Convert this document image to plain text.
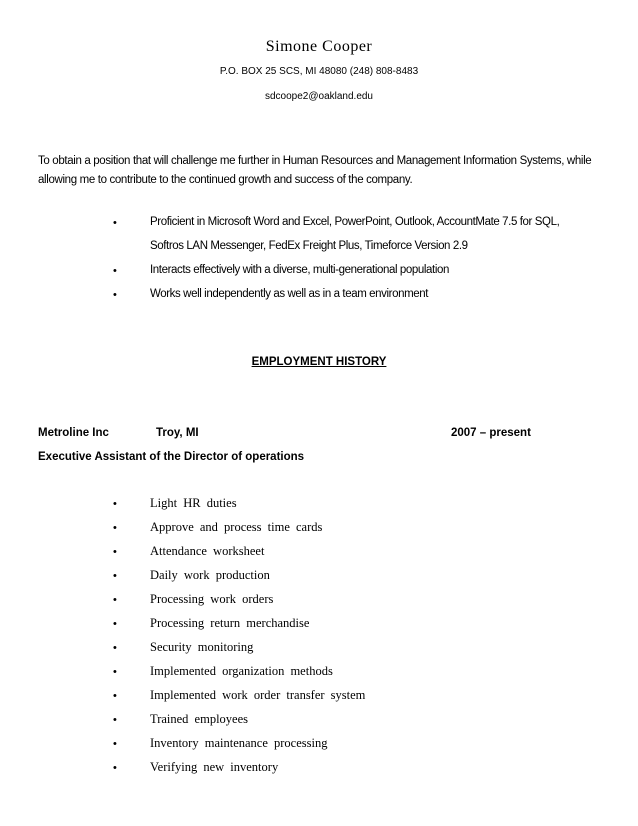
Simone Cooper
P.O. BOX 25 SCS, MI 48080 (248) 808-8483
sdcoope2@oakland.edu
To obtain a position that will challenge me further in Human Resources and Management Information Systems, while allowing me to contribute to the continued growth and success of the company.
•	Proficient in Microsoft Word and Excel, PowerPoint, Outlook, AccountMate 7.5 for SQL,
Softros LAN Messenger, FedEx Freight Plus, Timeforce Version 2.9
•	Interacts effectively with a diverse, multi-generational population
•	Works well independently as well as in a team environment
EMPLOYMENT HISTORY
Metroline Inc	Troy, MI	2007 – present
Executive Assistant of the Director of operations
•	Light HR duties
•	Approve and process time cards
•	Attendance worksheet
•	Daily work production
•	Processing work orders
•	Processing return merchandise
•	Security monitoring
•	Implemented organization methods
•	Implemented work order transfer system
•	Trained employees
•	Inventory maintenance processing
•	Verifying new inventory
